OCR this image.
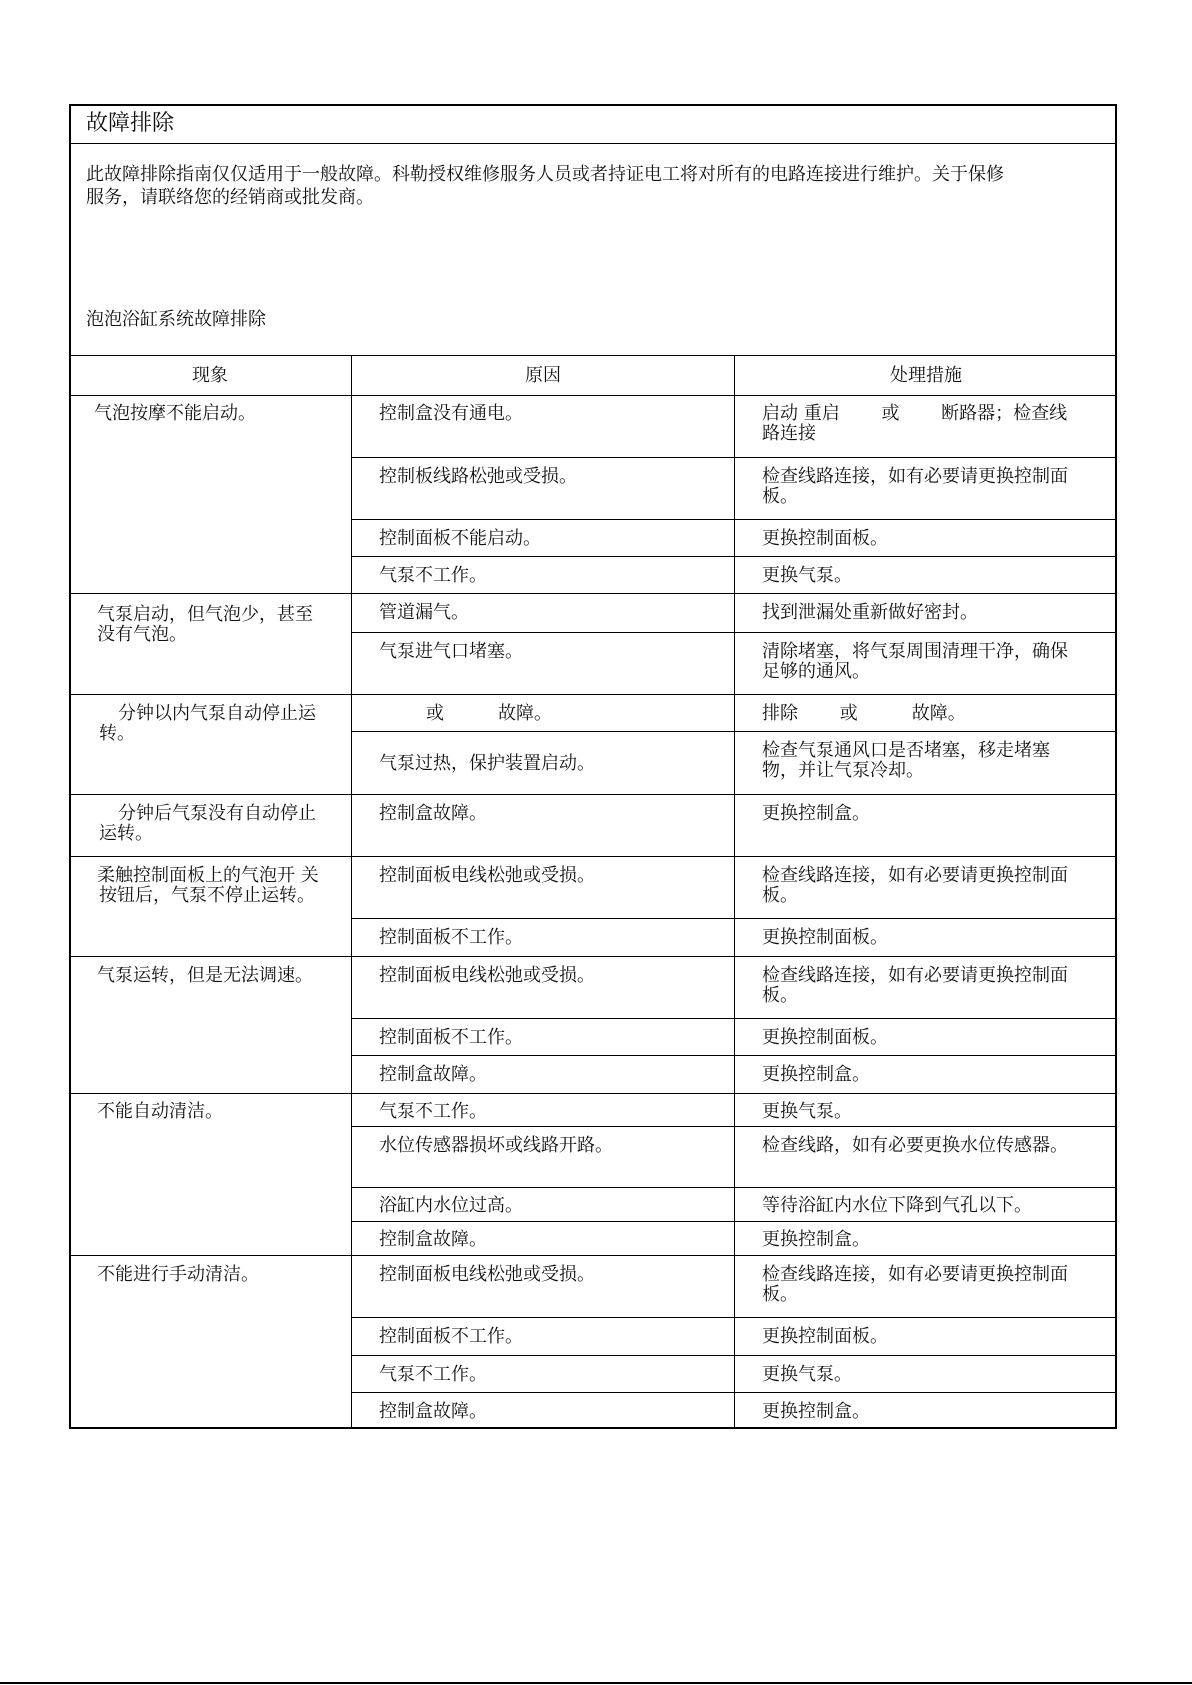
故障排除
此故障排除指南仅仅适用于一般故障。科勒授权维修服务人员或者持证电工将对所有的电路连接进行维护。关于保修
服务，请联络您的经销商或批发商。
泡泡浴缸系统故障排除
现象	原因	处理措施
气泡按摩不能启动。
气泵启动，但气泡少，甚至
没有气泡。
分钟以内气泵自动停止运
转。
分钟后气泵没有自动停止
运转。
柔触控制面板上的气泡开 关
按钮后，气泵不停止运转。
气泵运转，但是无法调速。
不能自动清洁。
不能进行手动清洁。
控制盒没有通电。
控制板线路松弛或受损。
控制面板不能启动。
气泵不工作。
管道漏气。
气泵进气口堵塞。
或　　　故障。
气泵过热，保护装置启动。
控制盒故障。
控制面板电线松弛或受损。
控制面板不工作。
控制面板电线松弛或受损。
控制面板不工作。
控制盒故障。
气泵不工作。
水位传感器损坏或线路开路。
浴缸内水位过高。
控制盒故障。
控制面板电线松弛或受损。
控制面板不工作。
气泵不工作。
控制盒故障。
启动 重启　　 或　　 断路器；检查线
路连接
检查线路连接，如有必要请更换控制面
板。
更换控制面板。
更换气泵。
找到泄漏处重新做好密封。
清除堵塞，将气泵周围清理干净，确保
足够的通风。
排除　　 或　　　故障。
检查气泵通风口是否堵塞，移走堵塞
物，并让气泵冷却。
更换控制盒。
检查线路连接，如有必要请更换控制面
板。
更换控制面板。
检查线路连接，如有必要请更换控制面
板。
更换控制面板。
更换控制盒。
更换气泵。
检查线路，如有必要更换水位传感器。
等待浴缸内水位下降到气孔以下。
更换控制盒。
检查线路连接，如有必要请更换控制面
板。
更换控制面板。
更换气泵。
更换控制盒。
